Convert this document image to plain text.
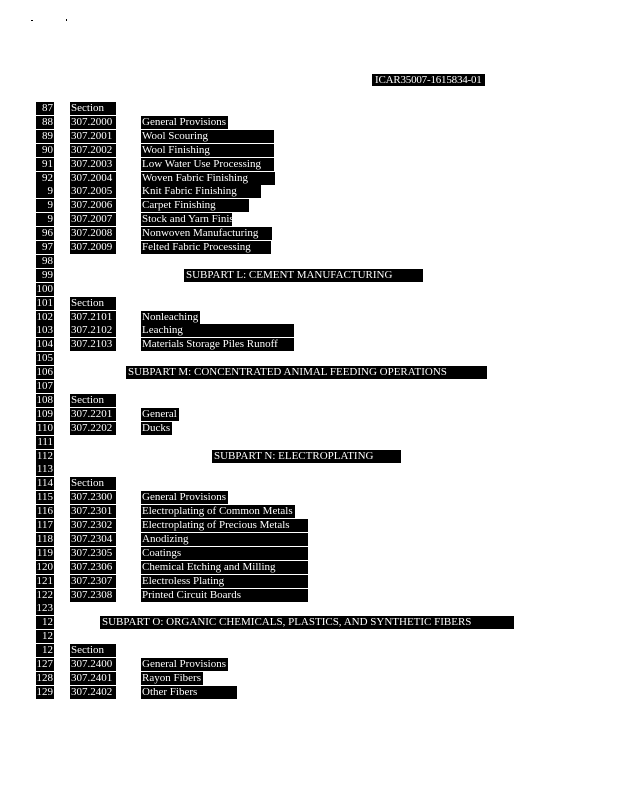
ICAR35007-1615834-01
87 Section
88 307.2000	General Provisions
89 307.2001	Wool Scouring
90 307.2002	Wool Finishing
91 307.2003	Low Water Use Processing
92 307.2004	Woven Fabric Finishing
9 307.2005	Knit Fabric Finishing
9 307.2006	Carpet Finishing
9 307.2007	Stock and Yarn Finishing
96 307.2008	Nonwoven Manufacturing
97 307.2009	Felted Fabric Processing
98
99	SUBPART L: CEMENT MANUFACTURING
100
101 Section
102 307.2101	Nonleaching
103 307.2102	Leaching
104 307.2103	Materials Storage Piles Runoff
105
106	SUBPART M: CONCENTRATED ANIMAL FEEDING OPERATIONS
107
108 Section
109 307.2201	General
110 307.2202	Ducks
111
112	SUBPART N: ELECTROPLATING
113
114 Section
115 307.2300	General Provisions
116 307.2301	Electroplating of Common Metals
117 307.2302	Electroplating of Precious Metals
118 307.2304	Anodizing
119 307.2305	Coatings
120 307.2306	Chemical Etching and Milling
121 307.2307	Electroless Plating
122 307.2308	Printed Circuit Boards
123
12	SUBPART O: ORGANIC CHEMICALS, PLASTICS, AND SYNTHETIC FIBERS
12
12 Section
127 307.2400	General Provisions
128 307.2401	Rayon Fibers
129 307.2402	Other Fibers
